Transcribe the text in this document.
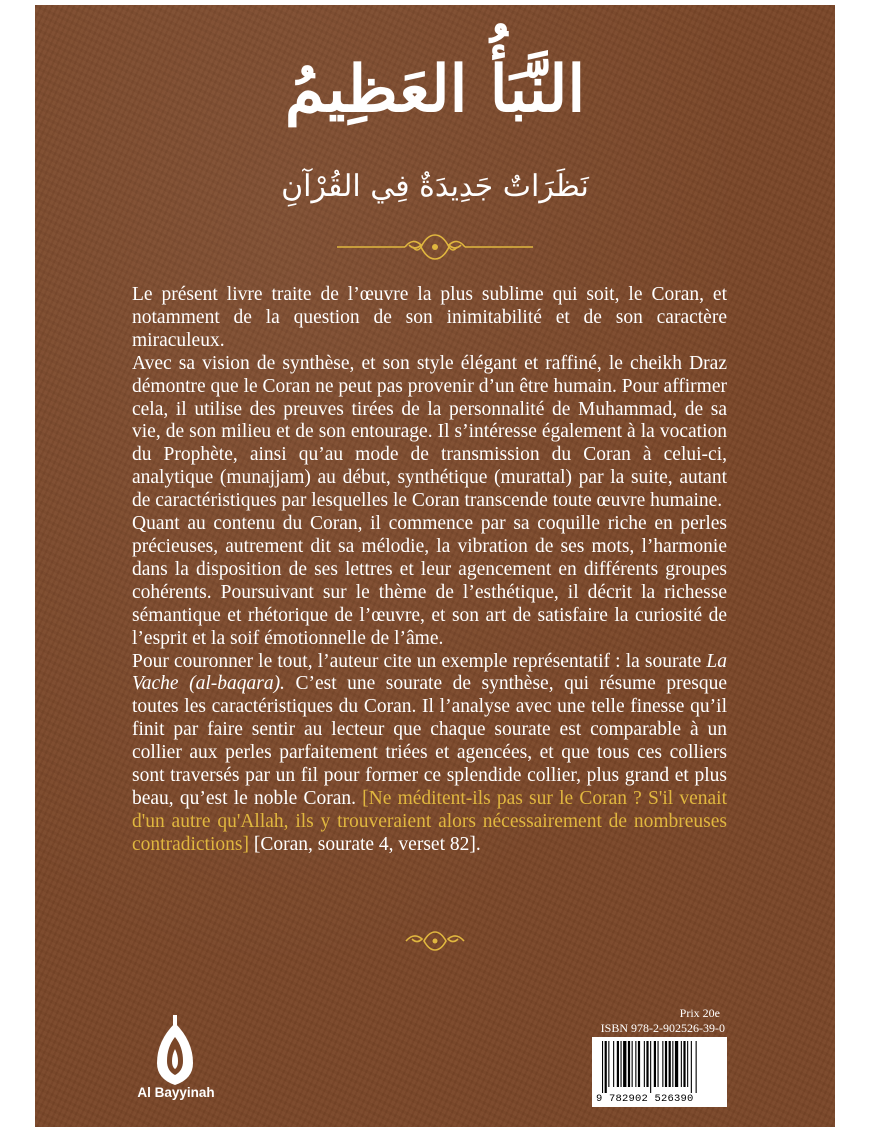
النَّبَأُ العَظِيمُ
نَظَرَاتٌ جَدِيدَةٌ فِي القُرْآنِ

Le présent livre traite de l’œuvre la plus sublime qui soit, le Coran, et notamment de la question de son inimitabilité et de son caractère miraculeux.

Avec sa vision de synthèse, et son style élégant et raffiné, le cheikh Draz démontre que le Coran ne peut pas provenir d’un être humain. Pour affirmer cela, il utilise des preuves tirées de la personnalité de Muhammad, de sa vie, de son milieu et de son entourage. Il s’intéresse également à la vocation du Prophète, ainsi qu’au mode de transmission du Coran à celui-ci, analytique (munajjam) au début, synthétique (murattal) par la suite, autant de caractéristiques par lesquelles le Coran transcende toute œuvre humaine.

Quant au contenu du Coran, il commence par sa coquille riche en perles précieuses, autrement dit sa mélodie, la vibration de ses mots, l’harmonie dans la disposition de ses lettres et leur agencement en différents groupes cohérents. Poursuivant sur le thème de l’esthétique, il décrit la richesse sémantique et rhétorique de l’œuvre, et son art de satisfaire la curiosité de l’esprit et la soif émotionnelle de l’âme.

Pour couronner le tout, l’auteur cite un exemple représentatif : la sourate La Vache (al-baqara). C’est une sourate de synthèse, qui résume presque toutes les caractéristiques du Coran. Il l’analyse avec une telle finesse qu’il finit par faire sentir au lecteur que chaque sourate est comparable à un collier aux perles parfaitement triées et agencées, et que tous ces colliers sont traversés par un fil pour former ce splendide collier, plus grand et plus beau, qu’est le noble Coran. [Ne méditent-ils pas sur le Coran ? S'il venait d'un autre qu'Allah, ils y trouveraient alors nécessairement de nombreuses contradictions] [Coran, sourate 4, verset 82].

Al Bayyinah
Prix 20e
ISBN 978-2-902526-39-0
9 782902 526390
